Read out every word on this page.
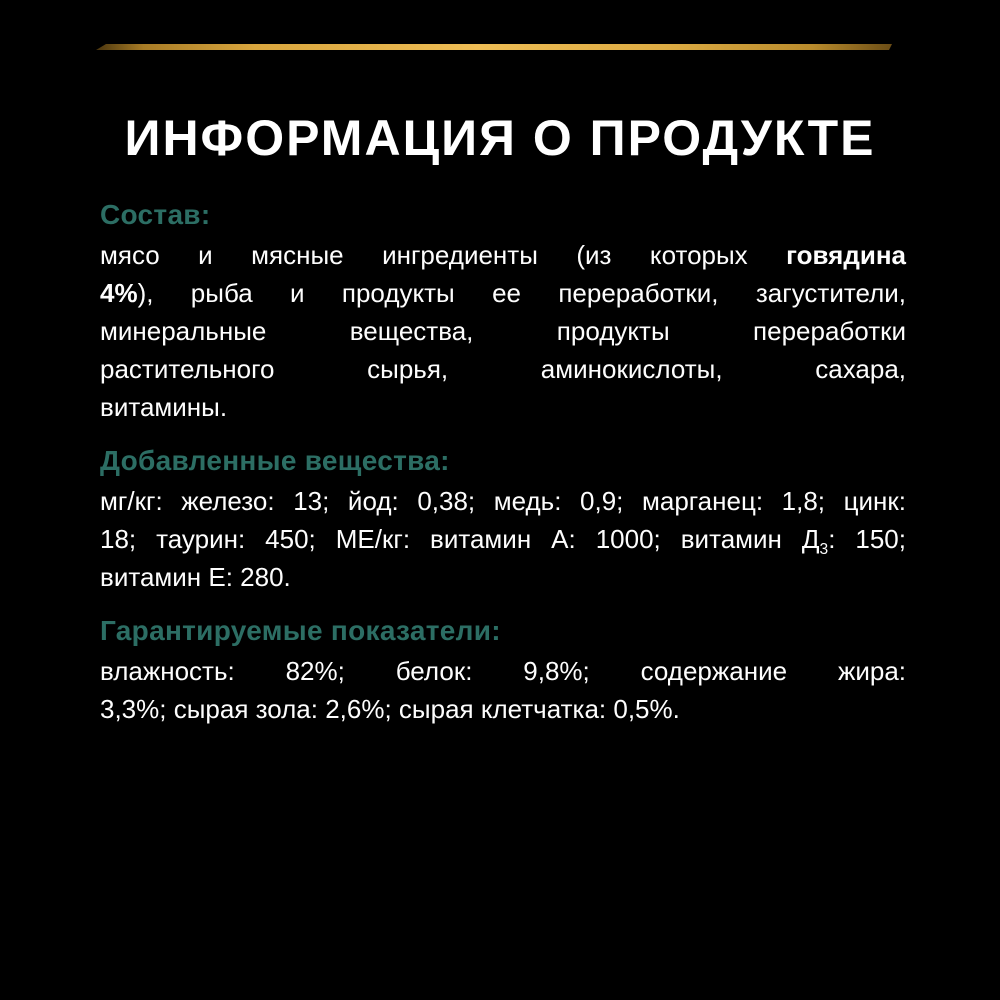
ИНФОРМАЦИЯ О ПРОДУКТЕ
Состав:
мясо и мясные ингредиенты (из которых говядина
4%), рыба и продукты ее переработки, загустители,
минеральные вещества, продукты переработки
растительного сырья, аминокислоты, сахара,
витамины.
Добавленные вещества:
мг/кг: железо: 13; йод: 0,38; медь: 0,9; марганец: 1,8; цинк:
18; таурин: 450; МЕ/кг: витамин А: 1000; витамин $Д_3$: 150;
витамин Е: 280.
Гарантируемые показатели:
влажность: 82%; белок: 9,8%; содержание жира:
3,3%; сырая зола: 2,6%; сырая клетчатка: 0,5%.
